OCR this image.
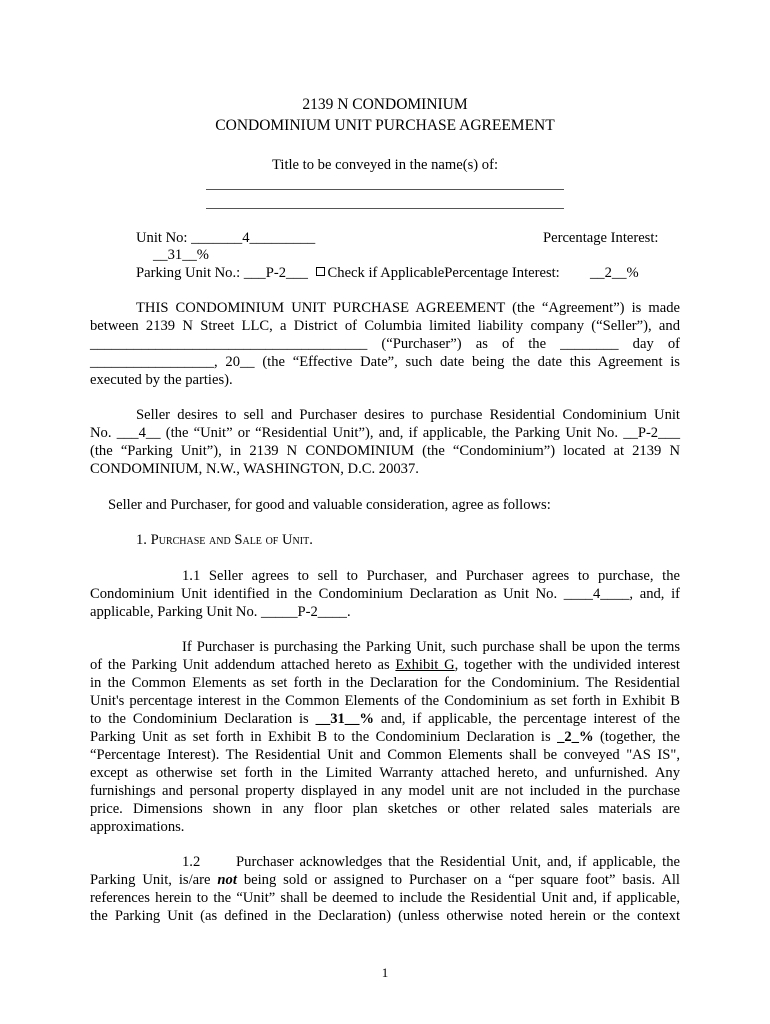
2139 N CONDOMINIUM
CONDOMINIUM UNIT PURCHASE AGREEMENT
Title to be conveyed in the name(s) of:
Unit No: _______4_________	Percentage Interest:
__31__%
Parking Unit No.: ___P-2___ Check if ApplicablePercentage Interest: __2__%
THIS CONDOMINIUM UNIT PURCHASE AGREEMENT (the “Agreement”) is made
between 2139 N Street LLC, a District of Columbia limited liability company (“Seller”), and
______________________________________ (“Purchaser”) as of the ________ day of
_________________, 20__ (the “Effective Date”, such date being the date this Agreement is
executed by the parties).
Seller desires to sell and Purchaser desires to purchase Residential Condominium Unit
No. ___4__ (the “Unit” or “Residential Unit”), and, if applicable, the Parking Unit No. __P-2___
(the “Parking Unit”), in 2139 N CONDOMINIUM (the “Condominium”) located at 2139 N
CONDOMINIUM, N.W., WASHINGTON, D.C. 20037.
Seller and Purchaser, for good and valuable consideration, agree as follows:
1. Purchase and Sale of Unit.
1.1 Seller agrees to sell to Purchaser, and Purchaser agrees to purchase, the
Condominium Unit identified in the Condominium Declaration as Unit No. ____4____, and, if
applicable, Parking Unit No. _____P-2____.
If Purchaser is purchasing the Parking Unit, such purchase shall be upon the terms
of the Parking Unit addendum attached hereto as Exhibit G, together with the undivided interest
in the Common Elements as set forth in the Declaration for the Condominium. The Residential
Unit's percentage interest in the Common Elements of the Condominium as set forth in Exhibit B
to the Condominium Declaration is __31__% and, if applicable, the percentage interest of the
Parking Unit as set forth in Exhibit B to the Condominium Declaration is _2_% (together, the
“Percentage Interest). The Residential Unit and Common Elements shall be conveyed "AS IS",
except as otherwise set forth in the Limited Warranty attached hereto, and unfurnished. Any
furnishings and personal property displayed in any model unit are not included in the purchase
price. Dimensions shown in any floor plan sketches or other related sales materials are
approximations.
1.2      Purchaser acknowledges that the Residential Unit, and, if applicable, the
Parking Unit, is/are not being sold or assigned to Purchaser on a “per square foot” basis. All
references herein to the “Unit” shall be deemed to include the Residential Unit and, if applicable,
the Parking Unit (as defined in the Declaration) (unless otherwise noted herein or the context
1
